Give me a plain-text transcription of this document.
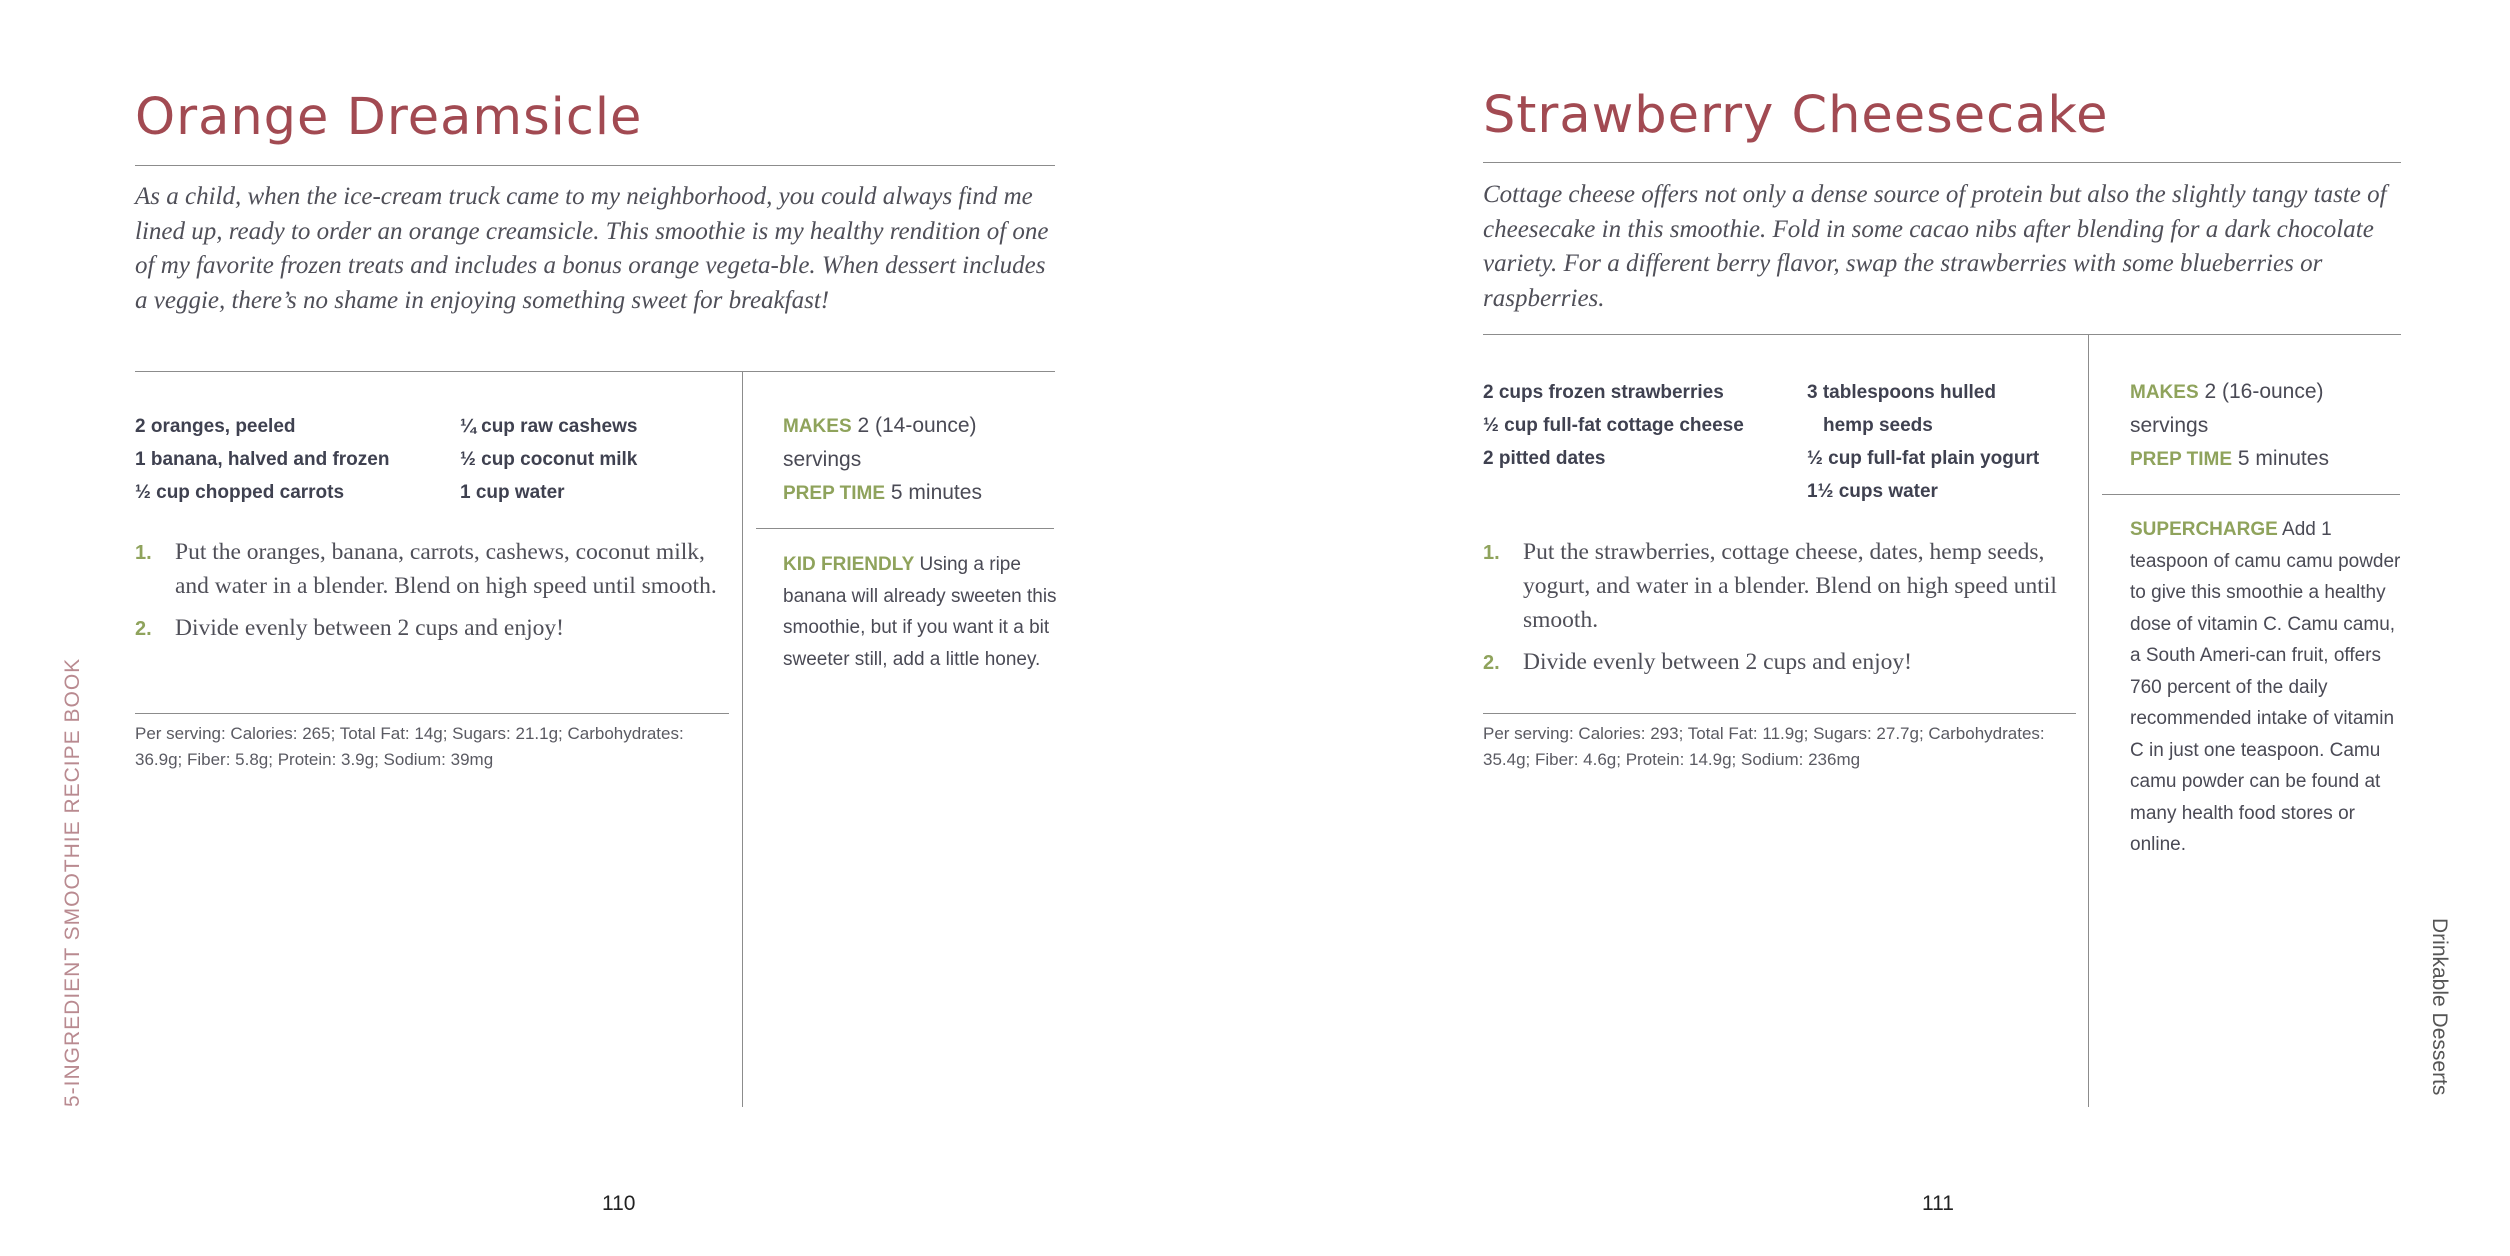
Orange Dreamsicle

As a child, when the ice-cream truck came to my neighborhood, you could always find me lined up, ready to order an orange creamsicle. This smoothie is my healthy rendition of one of my favorite frozen treats and includes a bonus orange vegeta-ble. When dessert includes a veggie, there’s no shame in enjoying something sweet for breakfast!

2 oranges, peeled
1 banana, halved and frozen
½ cup chopped carrots
¼ cup raw cashews
½ cup coconut milk
1 cup water
MAKES 2 (14-ounce) servings
PREP TIME 5 minutes
KID FRIENDLY Using a ripe banana will already sweeten this smoothie, but if you want it a bit sweeter still, add a little honey.
1. Put the oranges, banana, carrots, cashews, coconut milk, and water in a blender. Blend on high speed until smooth.
2. Divide evenly between 2 cups and enjoy!

Per serving: Calories: 265; Total Fat: 14g; Sugars: 21.1g; Carbohydrates: 36.9g; Fiber: 5.8g; Protein: 3.9g; Sodium: 39mg

110
5-INGREDIENT SMOOTHIE RECIPE BOOK
Strawberry Cheesecake

Cottage cheese offers not only a dense source of protein but also the slightly tangy taste of cheesecake in this smoothie. Fold in some cacao nibs after blending for a dark chocolate variety. For a different berry flavor, swap the strawberries with some blueberries or raspberries.

2 cups frozen strawberries
½ cup full-fat cottage cheese
2 pitted dates
3 tablespoons hulled
hemp seeds
½ cup full-fat plain yogurt
1½ cups water
MAKES 2 (16-ounce) servings
PREP TIME 5 minutes
SUPERCHARGE Add 1 teaspoon of camu camu powder to give this smoothie a healthy dose of vitamin C. Camu camu, a South Ameri-can fruit, offers 760 percent of the daily recommended intake of vitamin C in just one teaspoon. Camu camu powder can be found at many health food stores or online.
1. Put the strawberries, cottage cheese, dates, hemp seeds, yogurt, and water in a blender. Blend on high speed until smooth.
2. Divide evenly between 2 cups and enjoy!

Per serving: Calories: 293; Total Fat: 11.9g; Sugars: 27.7g; Carbohydrates: 35.4g; Fiber: 4.6g; Protein: 14.9g; Sodium: 236mg

111
Drinkable Desserts
